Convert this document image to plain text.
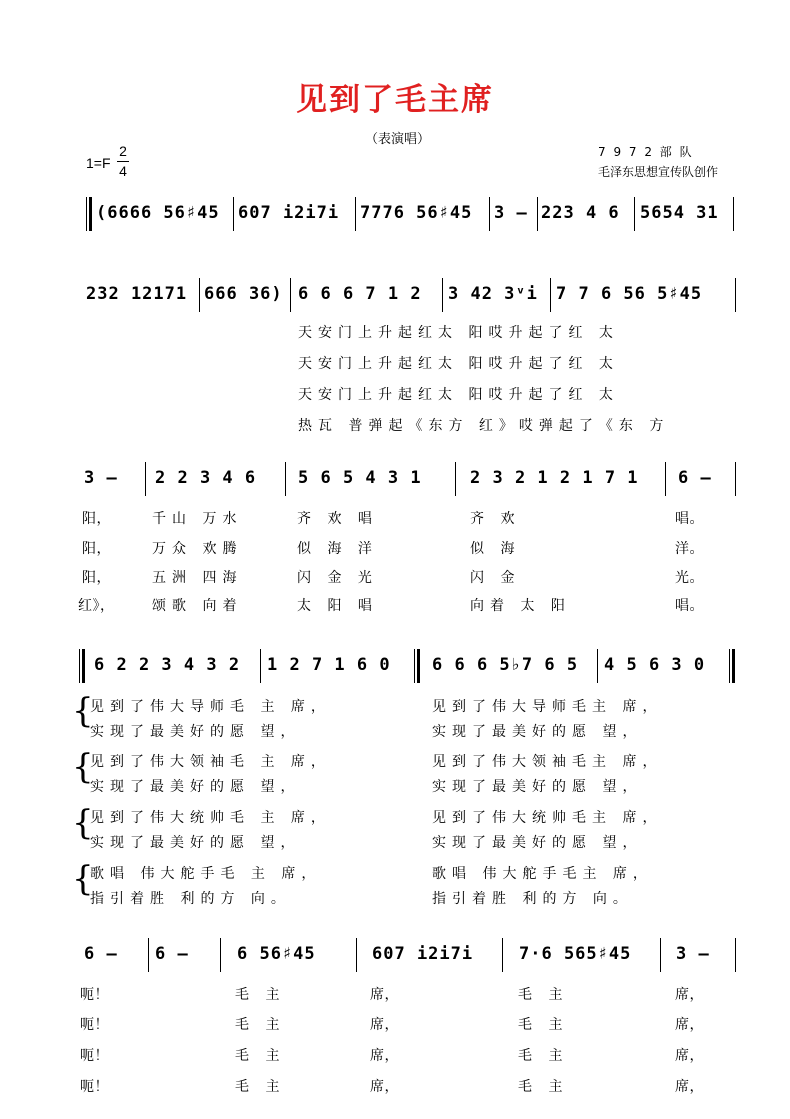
见到了毛主席
（表演唱）
1=F
2
4
7 9 7 2 部 队
毛泽东思想宣传队创作
(6666 56♯45 607 i2i7i 7776 56♯45 3 – 223 4 6 5654 31
232 12171 666 36) 6 6 6 7 1 2 3 42 3ᵛi 7 7 6 56 5♯45
天安门上升起红太 阳哎升起了红 太
天安门上升起红太 阳哎升起了红 太
天安门上升起红太 阳哎升起了红 太
热瓦 普弹起《东方 红》哎弹起了《东 方
3 – 2 2 3 4 6 5 6 5 4 3 1	2 3 2 1 2 1 7 1 6 –
阳，	千山 万水	齐 欢 唱	齐 欢	唱。
阳，	万众 欢腾	似 海 洋	似 海	洋。
阳，	五洲 四海	闪 金 光	闪 金	光。
红》，	颂歌 向着	太 阳 唱	向着 太 阳	唱。
6 2 2 3 4 3 2 1 2 7 1 6 0 6 6 6 5♭7 6 5 4 5 6 3 0
{
{
{
{
见到了伟大导师毛 主 席，	见到了伟大导师毛主 席，
实现了最美好的愿 望，	实现了最美好的愿 望，
见到了伟大领袖毛 主 席，	见到了伟大领袖毛主 席，
实现了最美好的愿 望，	实现了最美好的愿 望，
见到了伟大统帅毛 主 席，	见到了伟大统帅毛主 席，
实现了最美好的愿 望，	实现了最美好的愿 望，
歌唱 伟大舵手毛 主 席，	歌唱 伟大舵手毛主 席，
指引着胜 利的方 向。	指引着胜 利的方 向。
6 – 6 –	6 56♯45	607 i2i7i	7·6 565♯45	3 –
呃！	毛 主	席，	毛 主	席，
呃！	毛 主	席，	毛 主	席，
呃！	毛 主	席，	毛 主	席，
呃！	毛 主	席，	毛 主	席，
